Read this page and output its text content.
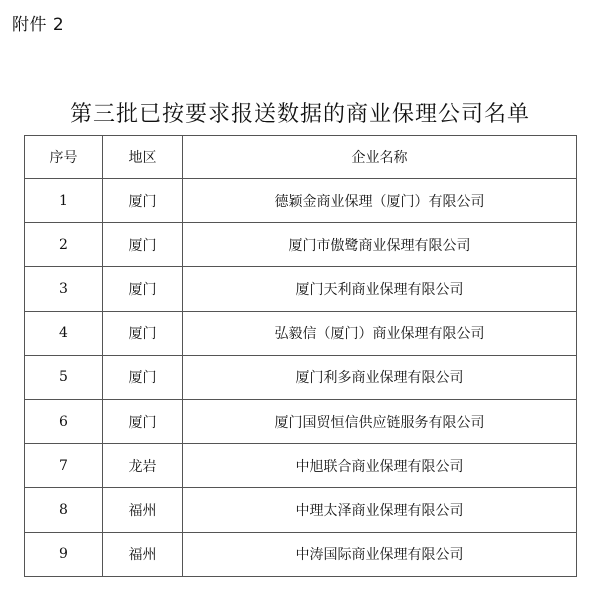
附件 2
第三批已按要求报送数据的商业保理公司名单
序号	地区	企业名称
1	厦门	德颖金商业保理（厦门）有限公司
2	厦门	厦门市傲鹭商业保理有限公司
3	厦门	厦门天利商业保理有限公司
4	厦门	弘毅信（厦门）商业保理有限公司
5	厦门	厦门利多商业保理有限公司
6	厦门	厦门国贸恒信供应链服务有限公司
7	龙岩	中旭联合商业保理有限公司
8	福州	中理太泽商业保理有限公司
9	福州	中涛国际商业保理有限公司
